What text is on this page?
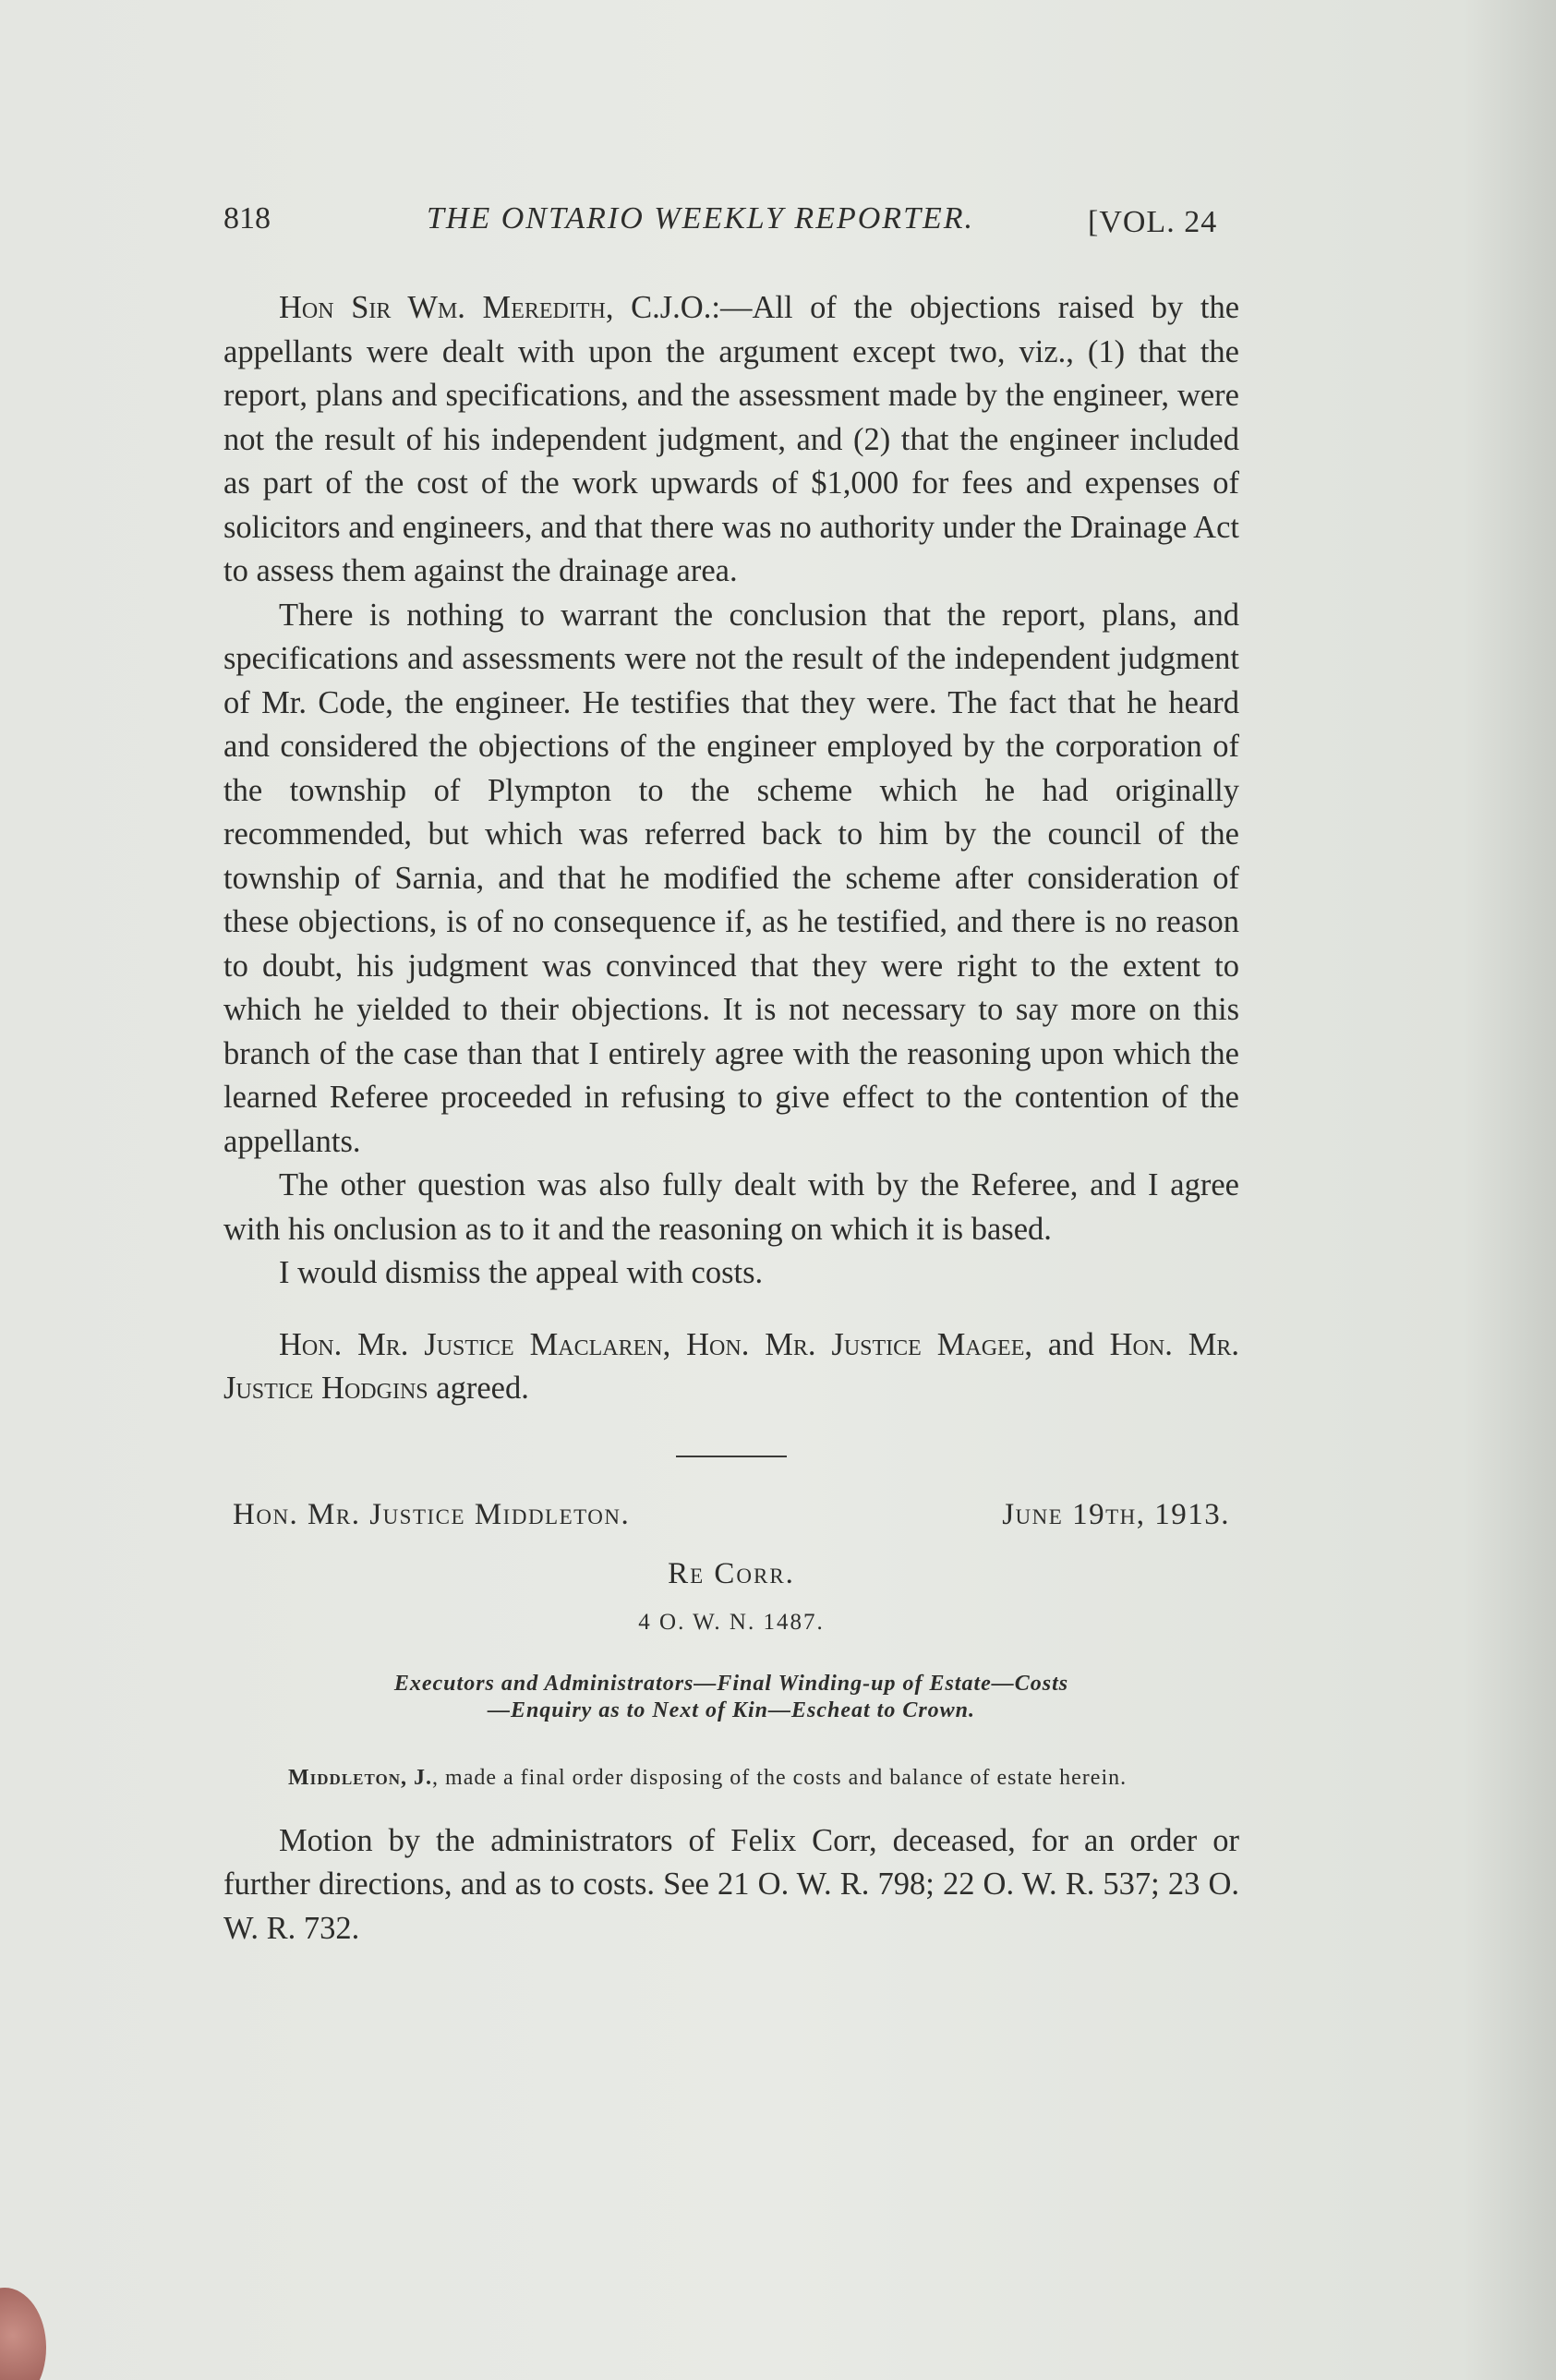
818	THE ONTARIO WEEKLY REPORTER.	[VOL. 24

Hon Sir Wm. Meredith, C.J.O.:—All of the objections raised by the appellants were dealt with upon the argument except two, viz., (1) that the report, plans and specifications, and the assessment made by the engineer, were not the result of his independent judgment, and (2) that the engineer included as part of the cost of the work upwards of $1,000 for fees and expenses of solicitors and engineers, and that there was no authority under the Drainage Act to assess them against the drainage area.

There is nothing to warrant the conclusion that the report, plans, and specifications and assessments were not the result of the independent judgment of Mr. Code, the engineer. He testifies that they were. The fact that he heard and considered the objections of the engineer employed by the corporation of the township of Plympton to the scheme which he had originally recommended, but which was referred back to him by the council of the township of Sarnia, and that he modified the scheme after consideration of these objections, is of no consequence if, as he testified, and there is no reason to doubt, his judgment was convinced that they were right to the extent to which he yielded to their objections. It is not necessary to say more on this branch of the case than that I entirely agree with the reasoning upon which the learned Referee proceeded in refusing to give effect to the contention of the appellants.

The other question was also fully dealt with by the Referee, and I agree with his onclusion as to it and the reasoning on which it is based.

I would dismiss the appeal with costs.

Hon. Mr. Justice Maclaren, Hon. Mr. Justice Magee, and Hon. Mr. Justice Hodgins agreed.

Hon. Mr. Justice Middleton.	June 19th, 1913.
Re Corr.
4 O. W. N. 1487.
Executors and Administrators—Final Winding-up of Estate—Costs
—Enquiry as to Next of Kin—Escheat to Crown.
Middleton, J., made a final order disposing of the costs and balance of estate herein.

Motion by the administrators of Felix Corr, deceased, for an order or further directions, and as to costs. See 21 O. W. R. 798; 22 O. W. R. 537; 23 O. W. R. 732.
